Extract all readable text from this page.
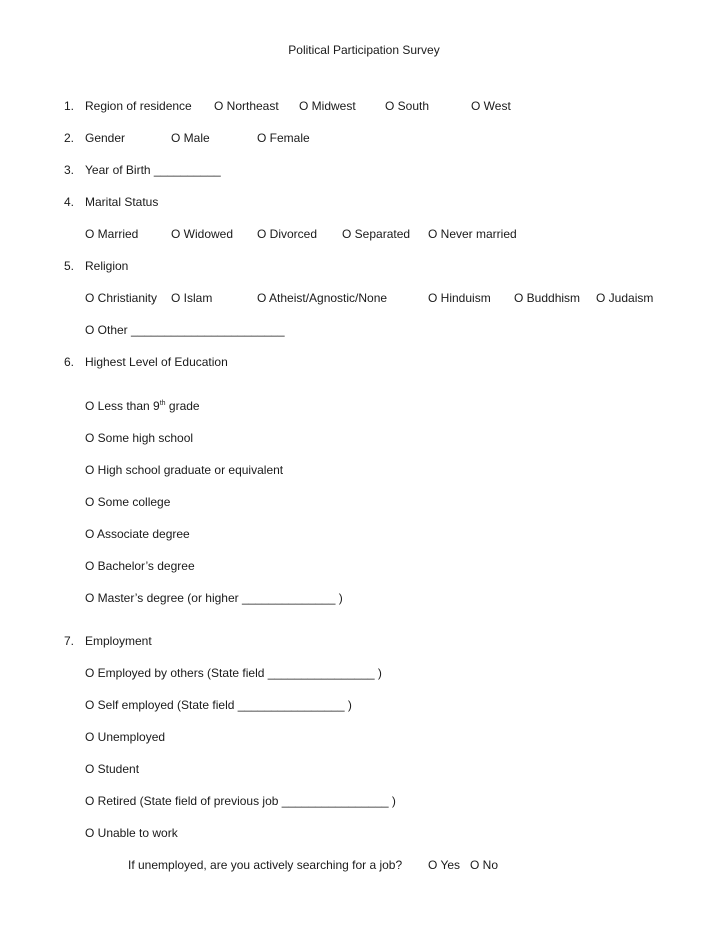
Political Participation Survey
1. Region of residence O Northeast O Midwest O South	O West
2. Gender	O Male	O Female
3. Year of Birth __________
4. Marital Status
O Married	O Widowed O Divorced O Separated O Never married
5. Religion
O Christianity O Islam	O Atheist/Agnostic/None	O Hinduism O Buddhism O Judaism
O Other _______________________
6. Highest Level of Education
O Less than 9th grade
O Some high school
O High school graduate or equivalent
O Some college
O Associate degree
O Bachelor’s degree
O Master’s degree (or higher ______________ )
7. Employment
O Employed by others (State field ________________ )
O Self employed (State field ________________ )
O Unemployed
O Student
O Retired (State field of previous job ________________ )
O Unable to work
If unemployed, are you actively searching for a job? O Yes O No
